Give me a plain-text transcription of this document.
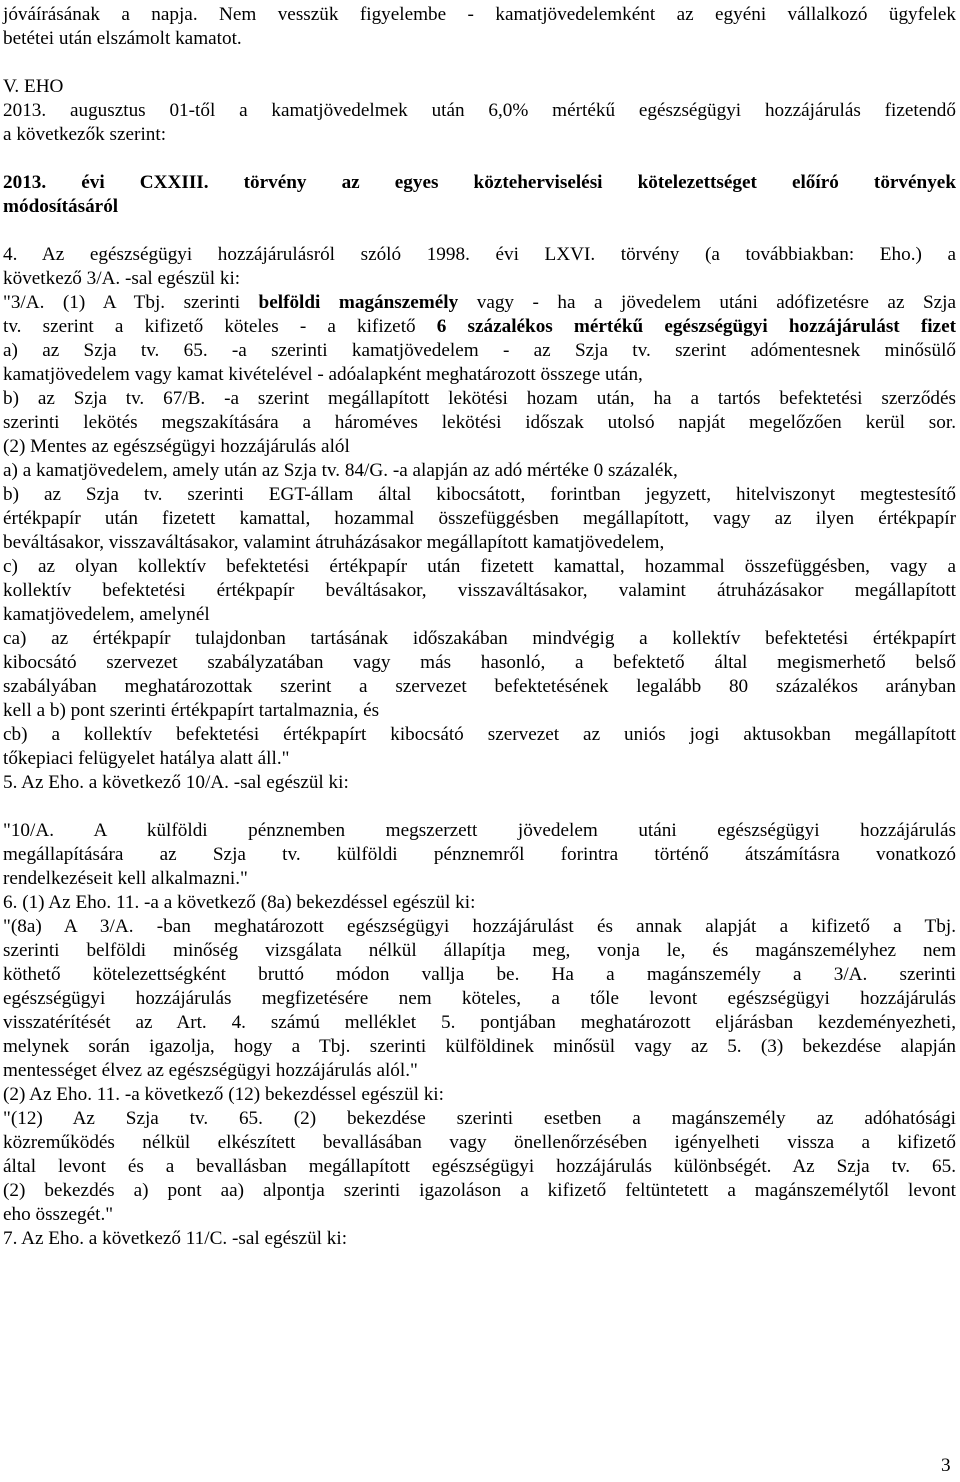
jóváírásának a napja. Nem vesszük figyelembe - kamatjövedelemként az egyéni vállalkozó ügyfelek
betétei után elszámolt kamatot.
V. EHO
2013. augusztus 01-től a kamatjövedelmek után 6,0% mértékű egészségügyi hozzájárulás fizetendő
a következők szerint:
2013. évi CXXIII. törvény az egyes közteherviselési kötelezettséget előíró törvények
módosításáról
4. Az egészségügyi hozzájárulásról szóló 1998. évi LXVI. törvény (a továbbiakban: Eho.) a
következő 3/A. -sal egészül ki:
"3/A. (1) A Tbj. szerinti belföldi magánszemély vagy - ha a jövedelem utáni adófizetésre az Szja
tv. szerint a kifizető köteles - a kifizető 6 százalékos mértékű egészségügyi hozzájárulást fizet
a) az Szja tv. 65. -a szerinti kamatjövedelem - az Szja tv. szerint adómentesnek minősülő
kamatjövedelem vagy kamat kivételével - adóalapként meghatározott összege után,
b) az Szja tv. 67/B. -a szerint megállapított lekötési hozam után, ha a tartós befektetési szerződés
szerinti lekötés megszakítására a hároméves lekötési időszak utolsó napját megelőzően kerül sor.
(2) Mentes az egészségügyi hozzájárulás alól
a) a kamatjövedelem, amely után az Szja tv. 84/G. -a alapján az adó mértéke 0 százalék,
b) az Szja tv. szerinti EGT-állam által kibocsátott, forintban jegyzett, hitelviszonyt megtestesítő
értékpapír után fizetett kamattal, hozammal összefüggésben megállapított, vagy az ilyen értékpapír
beváltásakor, visszaváltásakor, valamint átruházásakor megállapított kamatjövedelem,
c) az olyan kollektív befektetési értékpapír után fizetett kamattal, hozammal összefüggésben, vagy a
kollektív befektetési értékpapír beváltásakor, visszaváltásakor, valamint átruházásakor megállapított
kamatjövedelem, amelynél
ca) az értékpapír tulajdonban tartásának időszakában mindvégig a kollektív befektetési értékpapírt
kibocsátó szervezet szabályzatában vagy más hasonló, a befektető által megismerhető belső
szabályában meghatározottak szerint a szervezet befektetésének legalább 80 százalékos arányban
kell a b) pont szerinti értékpapírt tartalmaznia, és
cb) a kollektív befektetési értékpapírt kibocsátó szervezet az uniós jogi aktusokban megállapított
tőkepiaci felügyelet hatálya alatt áll."
5. Az Eho. a következő 10/A. -sal egészül ki:
"10/A. A külföldi pénznemben megszerzett jövedelem utáni egészségügyi hozzájárulás
megállapítására az Szja tv. külföldi pénznemről forintra történő átszámításra vonatkozó
rendelkezéseit kell alkalmazni."
6. (1) Az Eho. 11. -a a következő (8a) bekezdéssel egészül ki:
"(8a) A 3/A. -ban meghatározott egészségügyi hozzájárulást és annak alapját a kifizető a Tbj.
szerinti belföldi minőség vizsgálata nélkül állapítja meg, vonja le, és magánszemélyhez nem
köthető kötelezettségként bruttó módon vallja be. Ha a magánszemély a 3/A. szerinti
egészségügyi hozzájárulás megfizetésére nem köteles, a tőle levont egészségügyi hozzájárulás
visszatérítését az Art. 4. számú melléklet 5. pontjában meghatározott eljárásban kezdeményezheti,
melynek során igazolja, hogy a Tbj. szerinti külföldinek minősül vagy az 5. (3) bekezdése alapján
mentességet élvez az egészségügyi hozzájárulás alól."
(2) Az Eho. 11. -a következő (12) bekezdéssel egészül ki:
"(12) Az Szja tv. 65. (2) bekezdése szerinti esetben a magánszemély az adóhatósági
közreműködés nélkül elkészített bevallásában vagy önellenőrzésében igényelheti vissza a kifizető
által levont és a bevallásban megállapított egészségügyi hozzájárulás különbségét. Az Szja tv. 65.
(2) bekezdés a) pont aa) alpontja szerinti igazoláson a kifizető feltüntetett a magánszemélytől levont
eho összegét."
7. Az Eho. a következő 11/C. -sal egészül ki:
3
